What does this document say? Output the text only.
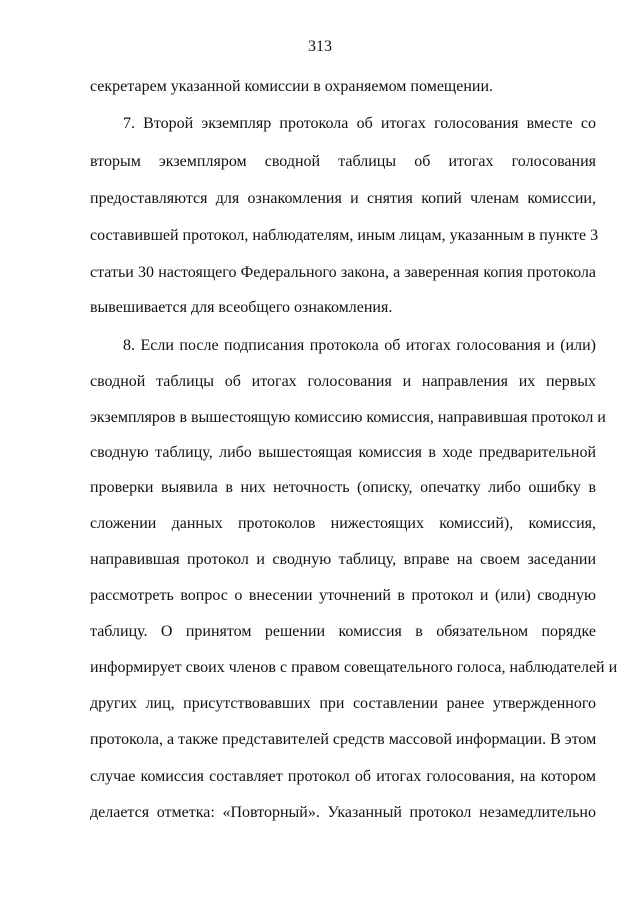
313
секретарем указанной комиссии в охраняемом помещении.
7. Второй экземпляр протокола об итогах голосования вместе со
вторым экземпляром сводной таблицы об итогах голосования
предоставляются для ознакомления и снятия копий членам комиссии,
составившей протокол, наблюдателям, иным лицам, указанным в пункте 3
статьи 30 настоящего Федерального закона, а заверенная копия протокола
вывешивается для всеобщего ознакомления.
8. Если после подписания протокола об итогах голосования и (или)
сводной таблицы об итогах голосования и направления их первых
экземпляров в вышестоящую комиссию комиссия, направившая протокол и
сводную таблицу, либо вышестоящая комиссия в ходе предварительной
проверки выявила в них неточность (описку, опечатку либо ошибку в
сложении данных протоколов нижестоящих комиссий), комиссия,
направившая протокол и сводную таблицу, вправе на своем заседании
рассмотреть вопрос о внесении уточнений в протокол и (или) сводную
таблицу. О принятом решении комиссия в обязательном порядке
информирует своих членов с правом совещательного голоса, наблюдателей и
других лиц, присутствовавших при составлении ранее утвержденного
протокола, а также представителей средств массовой информации. В этом
случае комиссия составляет протокол об итогах голосования, на котором
делается отметка: «Повторный». Указанный протокол незамедлительно
